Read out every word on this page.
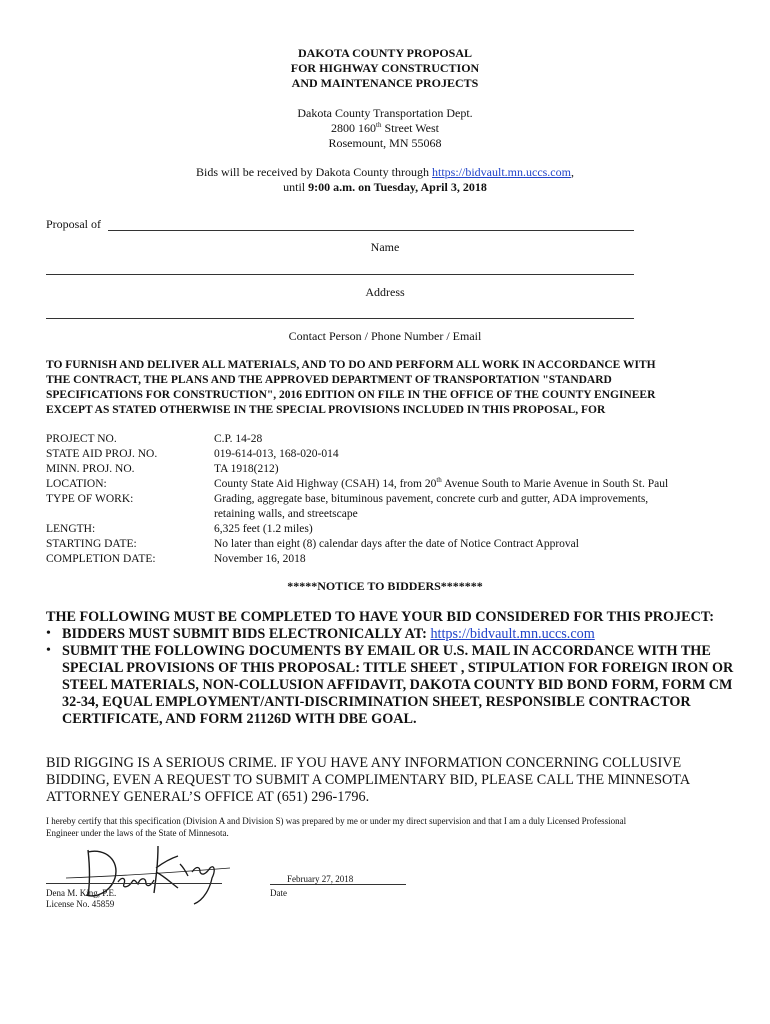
DAKOTA COUNTY PROPOSAL
FOR HIGHWAY CONSTRUCTION
AND MAINTENANCE PROJECTS
Dakota County Transportation Dept.
2800 160th Street West
Rosemount, MN 55068
Bids will be received by Dakota County through https://bidvault.mn.uccs.com,
until 9:00 a.m. on Tuesday, April 3, 2018
Proposal of
Name
Address
Contact Person / Phone Number / Email
TO FURNISH AND DELIVER ALL MATERIALS, AND TO DO AND PERFORM ALL WORK IN ACCORDANCE WITH
THE CONTRACT, THE PLANS AND THE APPROVED DEPARTMENT OF TRANSPORTATION "STANDARD
SPECIFICATIONS FOR CONSTRUCTION", 2016 EDITION ON FILE IN THE OFFICE OF THE COUNTY ENGINEER
EXCEPT AS STATED OTHERWISE IN THE SPECIAL PROVISIONS INCLUDED IN THIS PROPOSAL, FOR
PROJECT NO.	C.P. 14-28
STATE AID PROJ. NO.	019-614-013, 168-020-014
MINN. PROJ. NO.	TA 1918(212)
LOCATION:	County State Aid Highway (CSAH) 14, from 20th Avenue South to Marie Avenue in South St. Paul
TYPE OF WORK:	Grading, aggregate base, bituminous pavement, concrete curb and gutter, ADA improvements,
retaining walls, and streetscape
LENGTH:	6,325 feet (1.2 miles)
STARTING DATE:	No later than eight (8) calendar days after the date of Notice Contract Approval
COMPLETION DATE:	November 16, 2018
*****NOTICE TO BIDDERS*******
THE FOLLOWING MUST BE COMPLETED TO HAVE YOUR BID CONSIDERED FOR THIS PROJECT:
• BIDDERS MUST SUBMIT BIDS ELECTRONICALLY AT: https://bidvault.mn.uccs.com
• SUBMIT THE FOLLOWING DOCUMENTS BY EMAIL OR U.S. MAIL IN ACCORDANCE WITH THE
SPECIAL PROVISIONS OF THIS PROPOSAL: TITLE SHEET , STIPULATION FOR FOREIGN IRON OR
STEEL MATERIALS, NON-COLLUSION AFFIDAVIT, DAKOTA COUNTY BID BOND FORM, FORM CM
32-34, EQUAL EMPLOYMENT/ANTI-DISCRIMINATION SHEET, RESPONSIBLE CONTRACTOR
CERTIFICATE, AND FORM 21126D WITH DBE GOAL.
BID RIGGING IS A SERIOUS CRIME. IF YOU HAVE ANY INFORMATION CONCERNING COLLUSIVE
BIDDING, EVEN A REQUEST TO SUBMIT A COMPLIMENTARY BID, PLEASE CALL THE MINNESOTA
ATTORNEY GENERAL’S OFFICE AT (651) 296-1796.
I hereby certify that this specification (Division A and Division S) was prepared by me or under my direct supervision and that I am a duly Licensed Professional
Engineer under the laws of the State of Minnesota.
Dena M. King, P.E.
License No. 45859
February 27, 2018
Date
